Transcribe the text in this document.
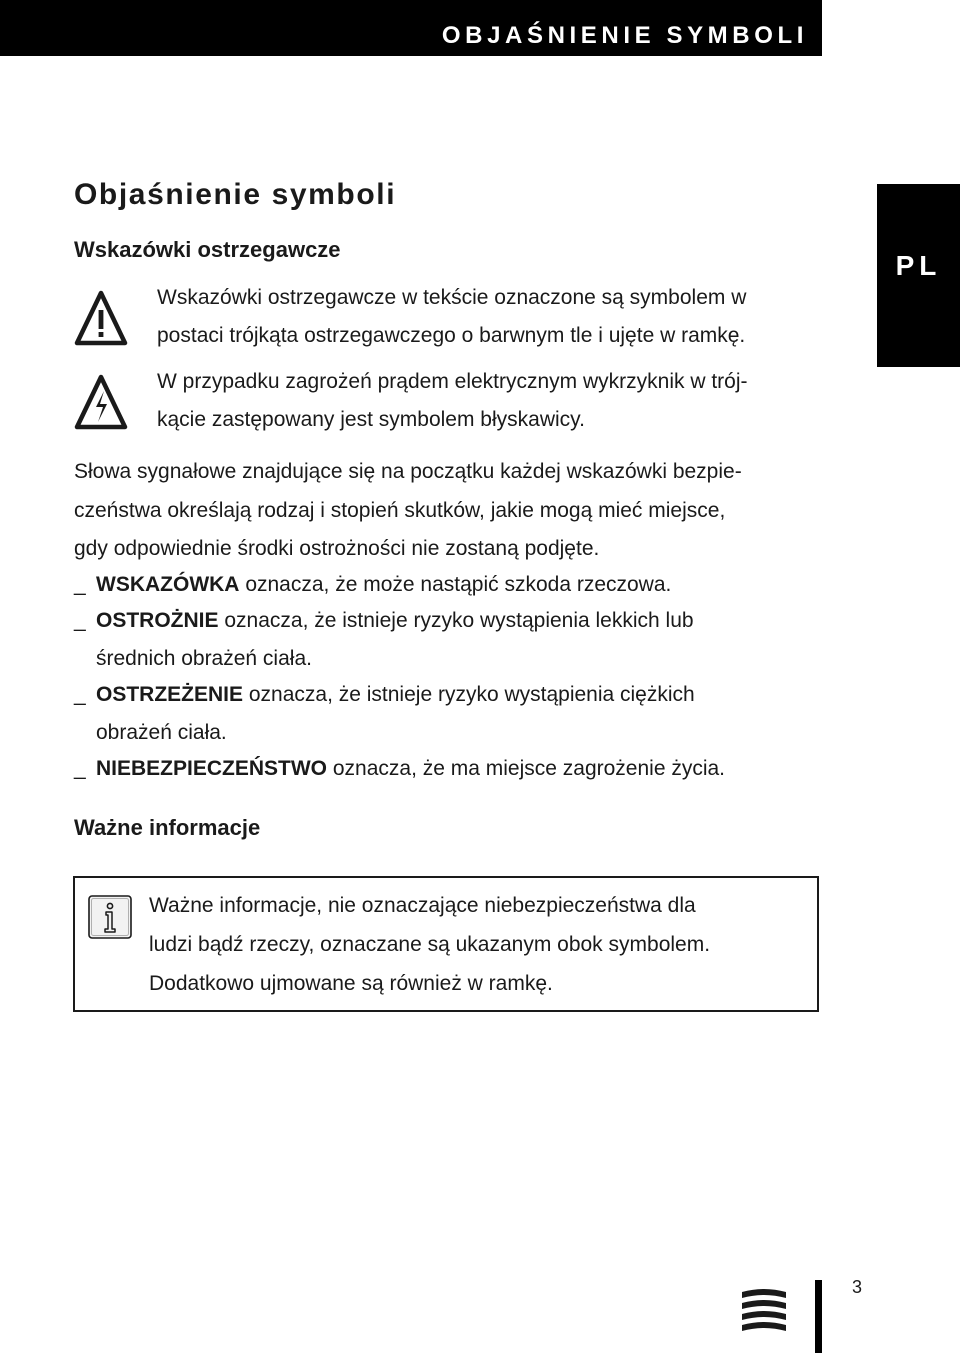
OBJAŚNIENIE SYMBOLI
PL
Objaśnienie symboli
Wskazówki ostrzegawcze
Wskazówki ostrzegawcze w tekście oznaczone są symbolem w
postaci trójkąta ostrzegawczego o barwnym tle i ujęte w ramkę.
W przypadku zagrożeń prądem elektrycznym wykrzyknik w trój-
kącie zastępowany jest symbolem błyskawicy.
Słowa sygnałowe znajdujące się na początku każdej wskazówki bezpie-
czeństwa określają rodzaj i stopień skutków, jakie mogą mieć miejsce,
gdy odpowiednie środki ostrożności nie zostaną podjęte.
_ WSKAZÓWKA oznacza, że może nastąpić szkoda rzeczowa.
_ OSTROŻNIE oznacza, że istnieje ryzyko wystąpienia lekkich lub
średnich obrażeń ciała.
_ OSTRZEŻENIE oznacza, że istnieje ryzyko wystąpienia ciężkich
obrażeń ciała.
_ NIEBEZPIECZEŃSTWO oznacza, że ma miejsce zagrożenie życia.
Ważne informacje
Ważne informacje, nie oznaczające niebezpieczeństwa dla
ludzi bądź rzeczy, oznaczane są ukazanym obok symbolem.
Dodatkowo ujmowane są również w ramkę.
3
